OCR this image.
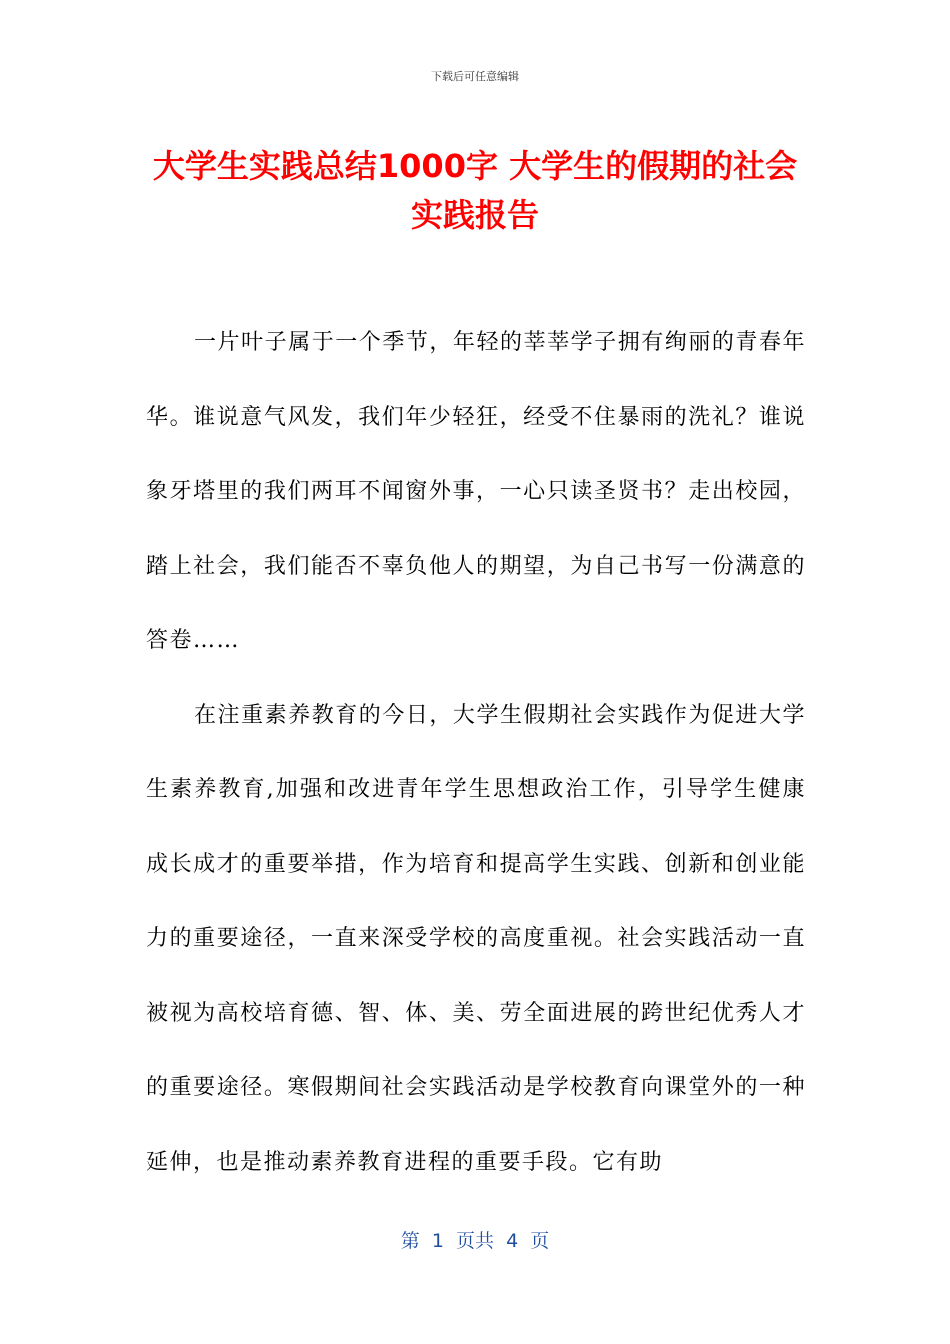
下载后可任意编辑
大学生实践总结1000字 大学生的假期的社会实践报告

一片叶子属于一个季节，年轻的莘莘学子拥有绚丽的青春年华。谁说意气风发，我们年少轻狂，经受不住暴雨的洗礼？谁说象牙塔里的我们两耳不闻窗外事，一心只读圣贤书？走出校园，踏上社会，我们能否不辜负他人的期望，为自己书写一份满意的答卷……

在注重素养教育的今日，大学生假期社会实践作为促进大学生素养教育,加强和改进青年学生思想政治工作，引导学生健康成长成才的重要举措，作为培育和提高学生实践、创新和创业能力的重要途径，一直来深受学校的高度重视。社会实践活动一直被视为高校培育德、智、体、美、劳全面进展的跨世纪优秀人才的重要途径。寒假期间社会实践活动是学校教育向课堂外的一种延伸，也是推动素养教育进程的重要手段。它有助

第  1  页共  4  页
